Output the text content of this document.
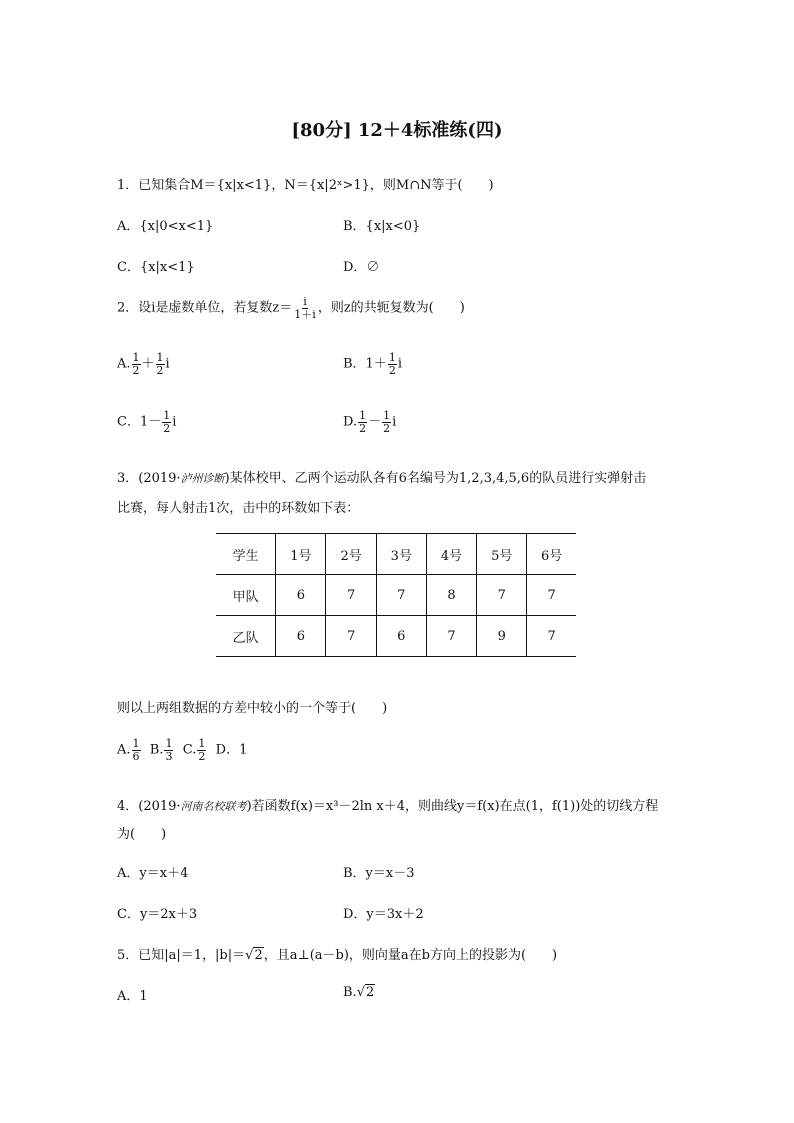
[80分] 12＋4标准练(四)
1．已知集合M＝{x|x<1}，N＝{x|2ˣ>1}，则M∩N等于(　　)
A．{x|0<x<1}	B．{x|x<0}
C．{x|x<1}	D．∅
2．设i是虚数单位，若复数$z= \frac{i}{1+i}$ ，则z的共轭复数为(　　)
A. $\frac{1}{2} + \frac{1}{2}$ i	B．$1+ \frac{1}{2}$ i
C．$1- \frac{1}{2}$ i	D. $\frac{1}{2} - \frac{1}{2}$ i
3．(2019·泸州诊断)某体校甲、乙两个运动队各有6名编号为1,2,3,4,5,6的队员进行实弹射击
比赛，每人射击1次，击中的环数如下表：
学生	1号	2号	3号	4号	5号	6号
甲队	6	7	7	8	7	7
乙队	6	7	6	7	9	7
则以上两组数据的方差中较小的一个等于(　　)
A. $\frac{1}{6} B$. $\frac{1}{3} C$. $\frac{1}{2}$ D．1
4．(2019·河南名校联考)若函数f(x)＝x³－2ln x＋4，则曲线y＝f(x)在点(1，f(1))处的切线方程
为(　　)
A．y＝x＋4	B．y＝x－3
C．y＝2x＋3	D．y＝3x＋2
5．已知|a|＝1，|b|＝√2，且a⊥(a－b)，则向量a在b方向上的投影为(　　)
A．1	B.√2
